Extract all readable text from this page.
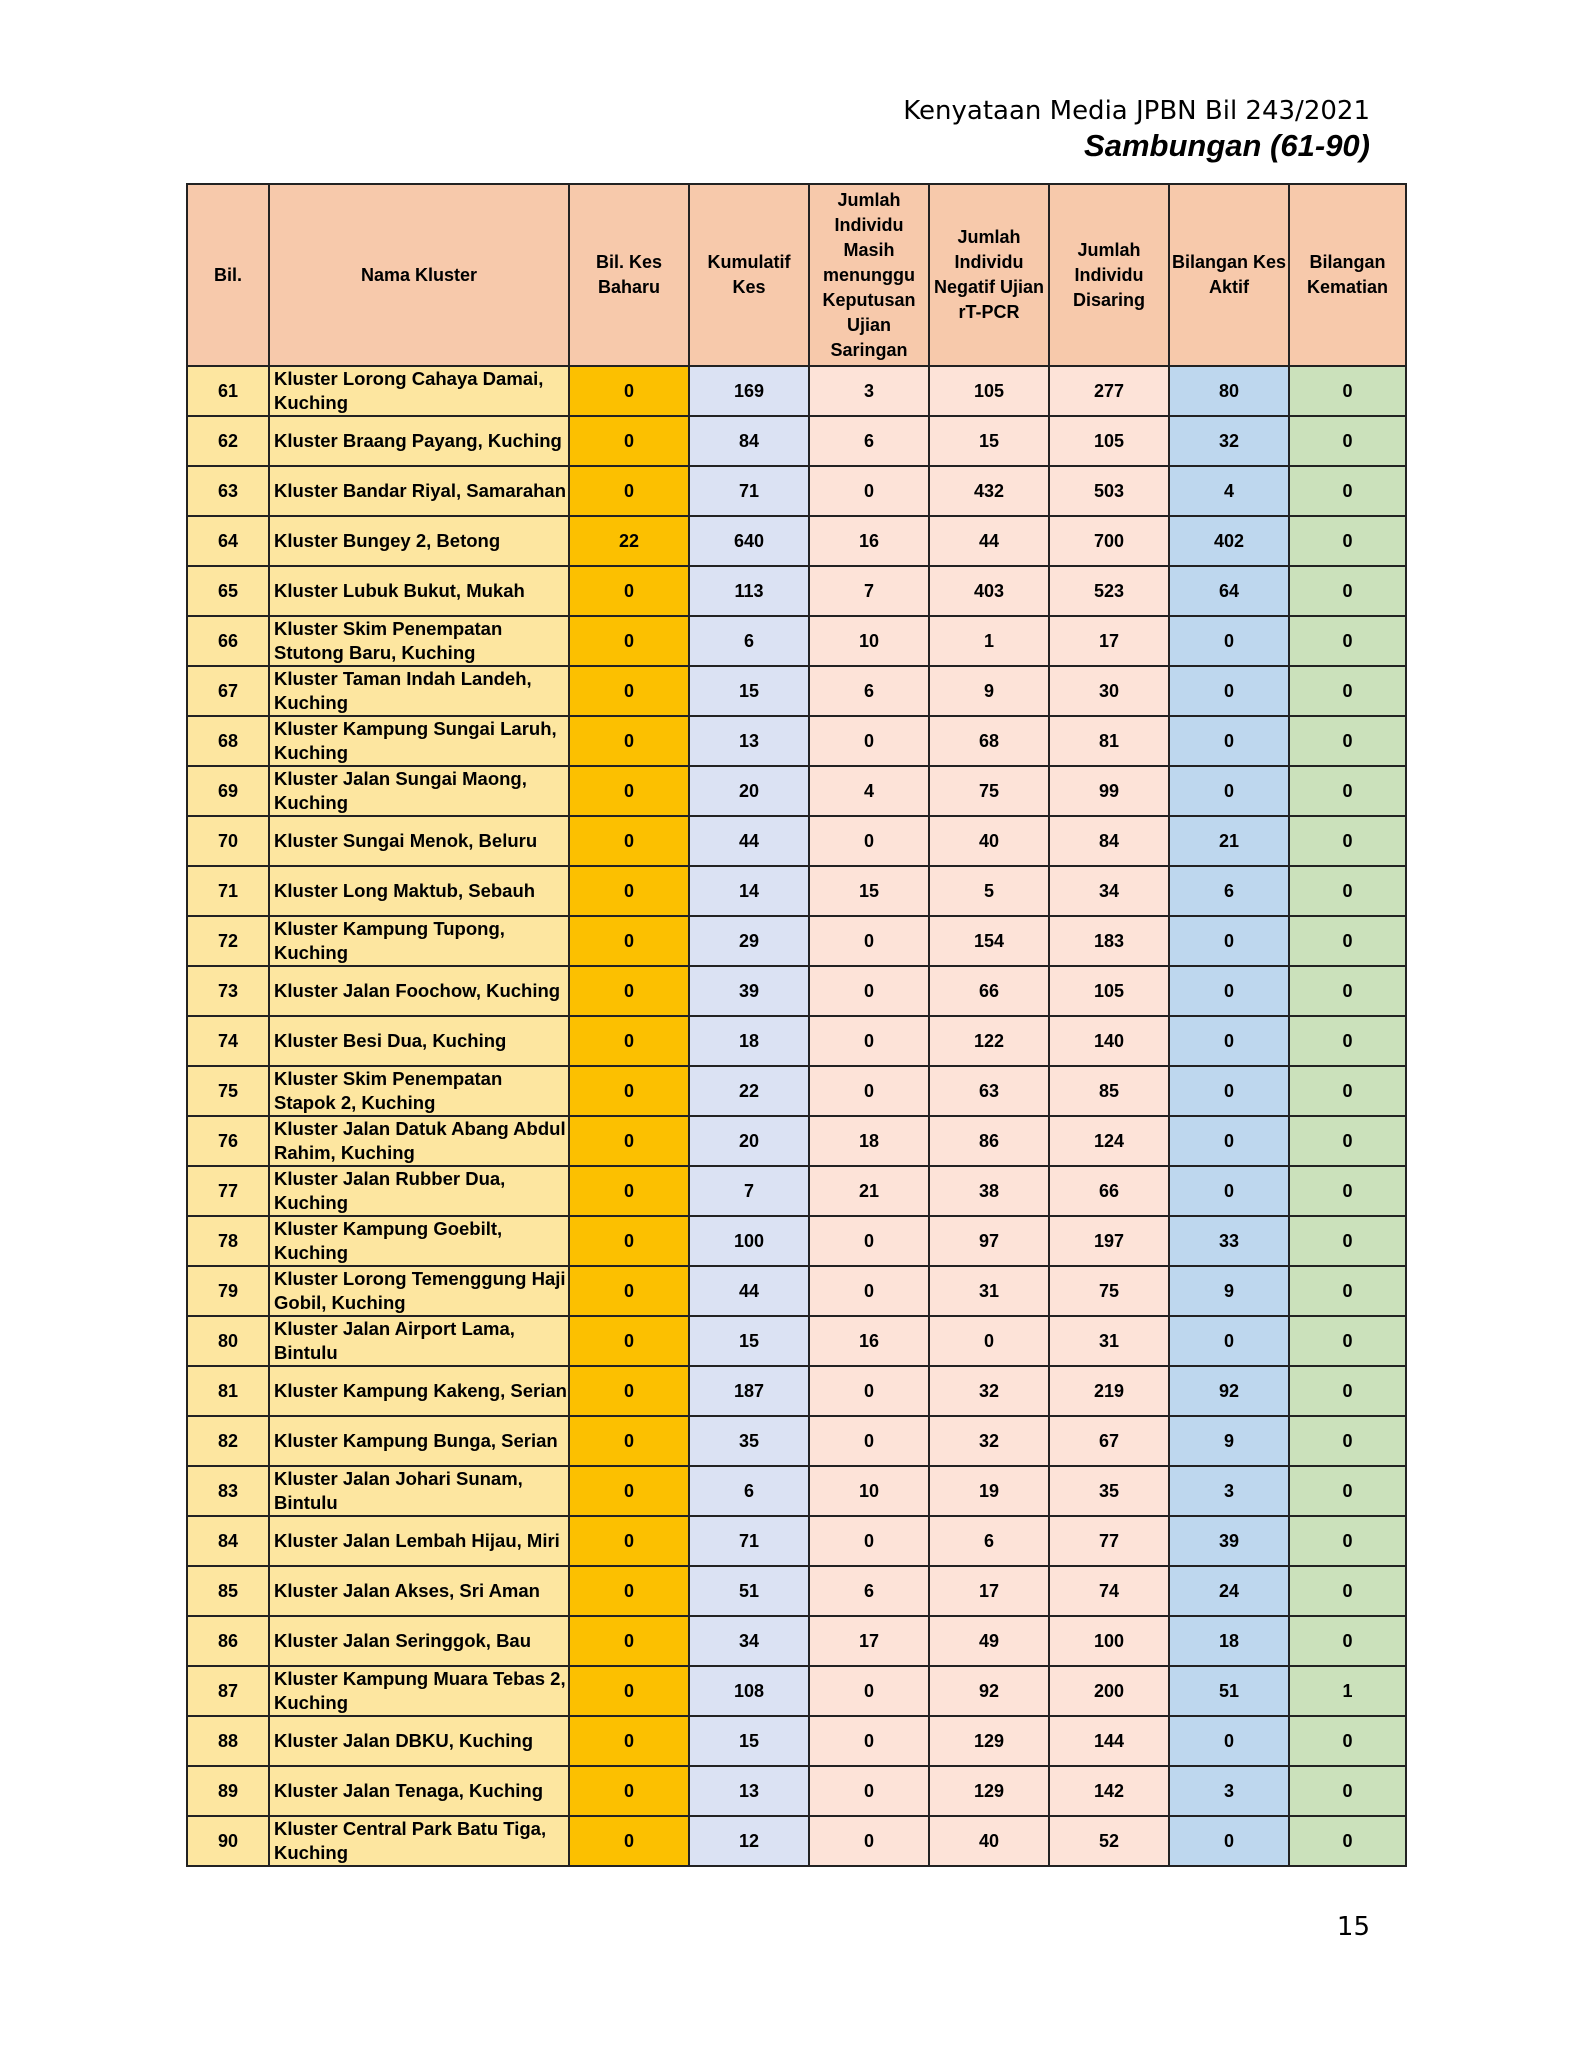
Kenyataan Media JPBN Bil 243/2021
Sambungan (61-90)
Bil.	Nama Kluster	Bil. Kes Baharu	Kumulatif Kes	Jumlah Individu Masih menunggu Keputusan Ujian Saringan	Jumlah Individu Negatif Ujian rT-PCR	Jumlah Individu Disaring	Bilangan Kes Aktif	Bilangan Kematian
61	Kluster Lorong Cahaya Damai, Kuching	0	169	3	105	277	80	0
62	Kluster Braang Payang, Kuching	0	84	6	15	105	32	0
63	Kluster Bandar Riyal, Samarahan	0	71	0	432	503	4	0
64	Kluster Bungey 2, Betong	22	640	16	44	700	402	0
65	Kluster Lubuk Bukut, Mukah	0	113	7	403	523	64	0
66	Kluster Skim Penempatan Stutong Baru, Kuching	0	6	10	1	17	0	0
67	Kluster Taman Indah Landeh, Kuching	0	15	6	9	30	0	0
68	Kluster Kampung Sungai Laruh, Kuching	0	13	0	68	81	0	0
69	Kluster Jalan Sungai Maong, Kuching	0	20	4	75	99	0	0
70	Kluster Sungai Menok, Beluru	0	44	0	40	84	21	0
71	Kluster Long Maktub, Sebauh	0	14	15	5	34	6	0
72	Kluster Kampung Tupong, Kuching	0	29	0	154	183	0	0
73	Kluster Jalan Foochow, Kuching	0	39	0	66	105	0	0
74	Kluster Besi Dua, Kuching	0	18	0	122	140	0	0
75	Kluster Skim Penempatan Stapok 2, Kuching	0	22	0	63	85	0	0
76	Kluster Jalan Datuk Abang Abdul Rahim, Kuching	0	20	18	86	124	0	0
77	Kluster Jalan Rubber Dua, Kuching	0	7	21	38	66	0	0
78	Kluster Kampung Goebilt, Kuching	0	100	0	97	197	33	0
79	Kluster Lorong Temenggung Haji Gobil, Kuching	0	44	0	31	75	9	0
80	Kluster Jalan Airport Lama, Bintulu	0	15	16	0	31	0	0
81	Kluster Kampung Kakeng, Serian	0	187	0	32	219	92	0
82	Kluster Kampung Bunga, Serian	0	35	0	32	67	9	0
83	Kluster Jalan Johari Sunam, Bintulu	0	6	10	19	35	3	0
84	Kluster Jalan Lembah Hijau, Miri	0	71	0	6	77	39	0
85	Kluster Jalan Akses, Sri Aman	0	51	6	17	74	24	0
86	Kluster Jalan Seringgok, Bau	0	34	17	49	100	18	0
87	Kluster Kampung Muara Tebas 2, Kuching	0	108	0	92	200	51	1
88	Kluster Jalan DBKU, Kuching	0	15	0	129	144	0	0
89	Kluster Jalan Tenaga, Kuching	0	13	0	129	142	3	0
90	Kluster Central Park Batu Tiga, Kuching	0	12	0	40	52	0	0
15
